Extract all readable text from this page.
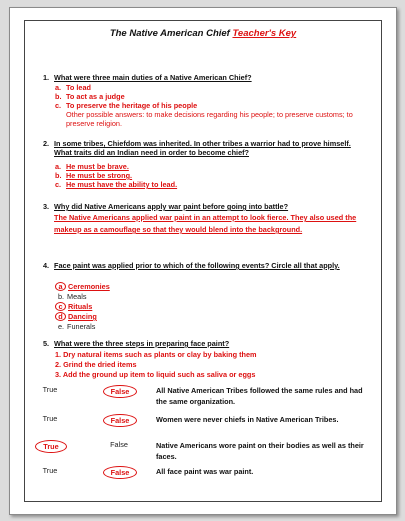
The Native American Chief Teacher's Key
1. What were three main duties of a Native American Chief?
a. To lead
b. To act as a judge
c. To preserve the heritage of his people
Other possible answers: to make decisions regarding his people; to preserve customs; to preserve religion.
2. In some tribes, Chiefdom was inherited. In other tribes a warrior had to prove himself. What traits did an Indian need in order to become chief?
a. He must be brave.
b. He must be strong.
c. He must have the ability to lead.
3. Why did Native Americans apply war paint before going into battle?
The Native Americans applied war paint in an attempt to look fierce. They also used the makeup as a camouflage so that they would blend into the background.
4. Face paint was applied prior to which of the following events? Circle all that apply.
a Ceremonies
b. Meals
c Rituals
d Dancing
e. Funerals
5. What were the three steps in preparing face paint?
1. Dry natural items such as plants or clay by baking them
2. Grind the dried items
3. Add the ground up item to liquid such as saliva or eggs
True	False	All Native American Tribes followed the same rules and had the same organization.
True	False	Women were never chiefs in Native American Tribes.
True	False	Native Americans wore paint on their bodies as well as their faces.
True	False	All face paint was war paint.
